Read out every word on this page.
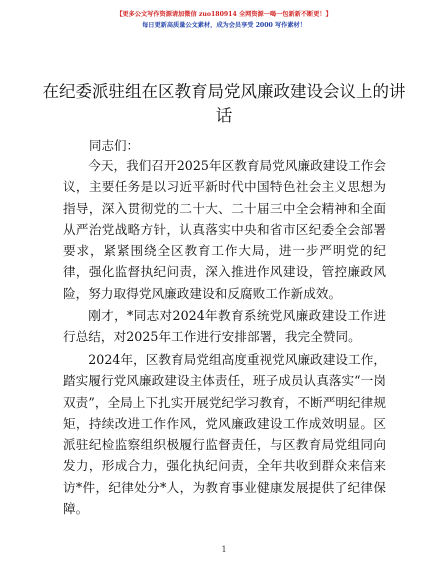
【更多公文写作资源请加微信 zuo180914 全网资源一喝一包新新不断更！】
每日更新高质量公文素材，成为会员享受 2000 写作素材！
在纪委派驻组在区教育局党风廉政建设会议上的讲话
同志们：

今天，我们召开2025年区教育局党风廉政建设工作会议，主要任务是以习近平新时代中国特色社会主义思想为指导，深入贯彻党的二十大、二十届三中全会精神和全面从严治党战略方针，认真落实中央和省市区纪委全会部署要求，紧紧围绕全区教育工作大局，进一步严明党的纪律，强化监督执纪问责，深入推进作风建设，管控廉政风险，努力取得党风廉政建设和反腐败工作新成效。

刚才，*同志对2024年教育系统党风廉政建设工作进行总结，对2025年工作进行安排部署，我完全赞同。

2024年，区教育局党组高度重视党风廉政建设工作，踏实履行党风廉政建设主体责任，班子成员认真落实“一岗双责”，全局上下扎实开展党纪学习教育，不断严明纪律规矩，持续改进工作作风，党风廉政建设工作成效明显。区派驻纪检监察组织极履行监督责任，与区教育局党组同向发力，形成合力，强化执纪问责，全年共收到群众来信来访*件，纪律处分*人，为教育事业健康发展提供了纪律保障。

1
